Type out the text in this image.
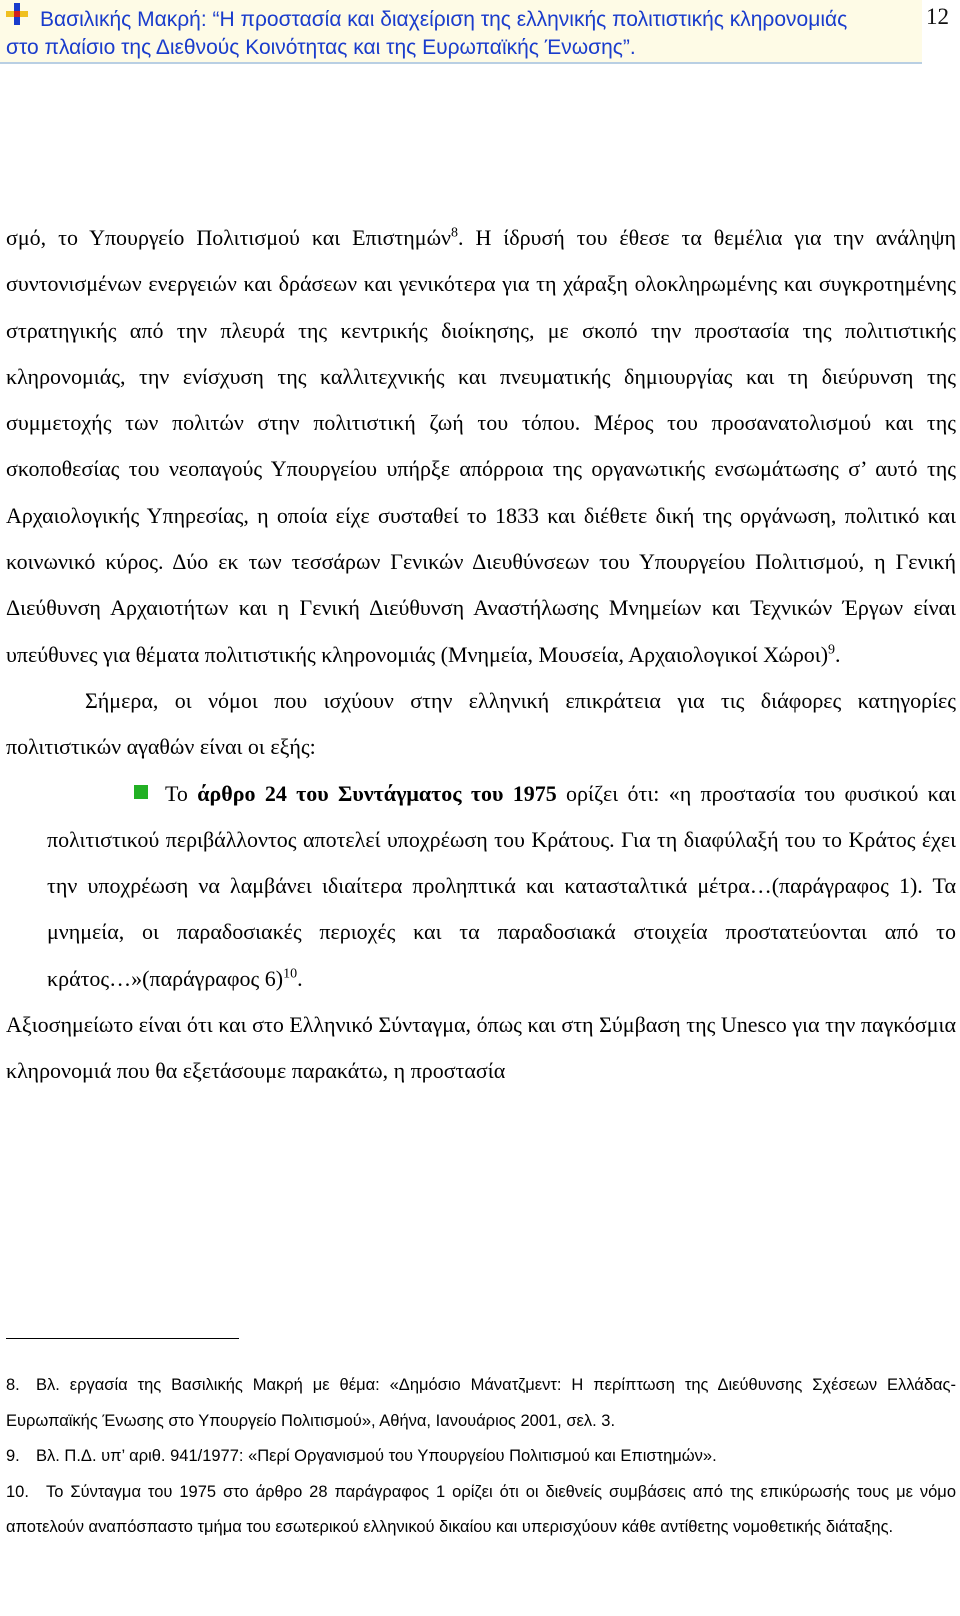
Βασιλικής Μακρή: “Η προστασία και διαχείριση της ελληνικής πολιτιστικής κληρονομιάς στο πλαίσιο της Διεθνούς Κοινότητας και της Ευρωπαϊκής Ένωσης”.
12

σμό, το Υπουργείο Πολιτισμού και Επιστημών$^8$. Η ίδρυσή του έθεσε τα θεμέλια για την ανάληψη συντονισμένων ενεργειών και δράσεων και γενικότερα για τη χάραξη ολοκληρωμένης και συγκροτημένης στρατηγικής από την πλευρά της κεντρικής διοίκησης, με σκοπό την προστασία της πολιτιστικής κληρονομιάς, την ενίσχυση της καλλιτεχνικής και πνευματικής δημιουργίας και τη διεύρυνση της συμμετοχής των πολιτών στην πολιτιστική ζωή του τόπου. Μέρος του προσανατολισμού και της σκοποθεσίας του νεοπαγούς Υπουργείου υπήρξε απόρροια της οργανωτικής ενσωμάτωσης σ’ αυτό της Αρχαιολογικής Υπηρεσίας, η οποία είχε συσταθεί το 1833 και διέθετε δική της οργάνωση, πολιτικό και κοινωνικό κύρος. Δύο εκ των τεσσάρων Γενικών Διευθύνσεων του Υπουργείου Πολιτισμού, η Γενική Διεύθυνση Αρχαιοτήτων και η Γενική Διεύθυνση Αναστήλωσης Μνημείων και Τεχνικών Έργων είναι υπεύθυνες για θέματα πολιτιστικής κληρονομιάς (Μνημεία, Μουσεία, Αρχαιολογικοί Χώροι)$^9$.

Σήμερα, οι νόμοι που ισχύουν στην ελληνική επικράτεια για τις διάφορες κατηγορίες πολιτιστικών αγαθών είναι οι εξής:

Το άρθρο 24 του Συντάγματος του 1975 ορίζει ότι: «η προστασία του φυσικού και πολιτιστικού περιβάλλοντος αποτελεί υποχρέωση του Κράτους. Για τη διαφύλαξή του το Κράτος έχει την υποχρέωση να λαμβάνει ιδιαίτερα προληπτικά και κατασταλτικά μέτρα…(παράγραφος 1). Τα μνημεία, οι παραδοσιακές περιοχές και τα παραδοσιακά στοιχεία προστατεύονται από το κράτος…»(παράγραφος 6)$^{10}$.

Αξιοσημείωτο είναι ότι και στο Ελληνικό Σύνταγμα, όπως και στη Σύμβαση της Unesco για την παγκόσμια κληρονομιά που θα εξετάσουμε παρακάτω, η προστασία

8. Βλ. εργασία της Βασιλικής Μακρή με θέμα: «Δημόσιο Μάνατζμεντ: Η περίπτωση της Διεύθυνσης Σχέσεων Ελλάδας-Ευρωπαϊκής Ένωσης στο Υπουργείο Πολιτισμού», Αθήνα, Ιανουάριος 2001, σελ. 3.

9. Βλ. Π.Δ. υπ’ αριθ. 941/1977: «Περί Οργανισμού του Υπουργείου Πολιτισμού και Επιστημών».

10. Το Σύνταγμα του 1975 στο άρθρο 28 παράγραφος 1 ορίζει ότι οι διεθνείς συμβάσεις από της επικύρωσής τους με νόμο αποτελούν αναπόσπαστο τμήμα του εσωτερικού ελληνικού δικαίου και υπερισχύουν κάθε αντίθετης νομοθετικής διάταξης.
